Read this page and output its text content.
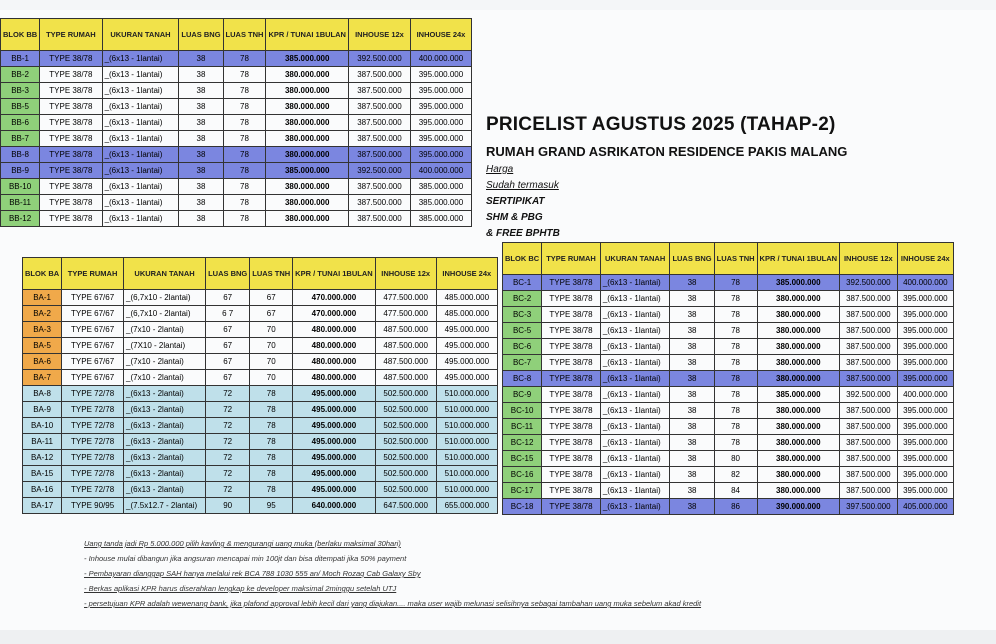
BLOK BB	TYPE RUMAH	UKURAN TANAH	LUAS BNG	LUAS TNH	KPR / TUNAI 1BULAN	INHOUSE 12x	INHOUSE 24x
BB-1	TYPE 38/78	_(6x13 - 1lantai)	38	78	385.000.000	392.500.000	400.000.000
BB-2	TYPE 38/78	_(6x13 - 1lantai)	38	78	380.000.000	387.500.000	395.000.000
BB-3	TYPE 38/78	_(6x13 - 1lantai)	38	78	380.000.000	387.500.000	395.000.000
BB-5	TYPE 38/78	_(6x13 - 1lantai)	38	78	380.000.000	387.500.000	395.000.000
BB-6	TYPE 38/78	_(6x13 - 1lantai)	38	78	380.000.000	387.500.000	395.000.000
BB-7	TYPE 38/78	_(6x13 - 1lantai)	38	78	380.000.000	387.500.000	395.000.000
BB-8	TYPE 38/78	_(6x13 - 1lantai)	38	78	380.000.000	387.500.000	395.000.000
BB-9	TYPE 38/78	_(6x13 - 1lantai)	38	78	385.000.000	392.500.000	400.000.000
BB-10	TYPE 38/78	_(6x13 - 1lantai)	38	78	380.000.000	387.500.000	385.000.000
BB-11	TYPE 38/78	_(6x13 - 1lantai)	38	78	380.000.000	387.500.000	385.000.000
BB-12	TYPE 38/78	_(6x13 - 1lantai)	38	78	380.000.000	387.500.000	385.000.000
PRICELIST AGUSTUS 2025 (TAHAP-2)
RUMAH GRAND ASRIKATON RESIDENCE PAKIS MALANG
Harga
Sudah termasuk
SERTIPIKAT
SHM & PBG
& FREE BPHTB
BLOK BA	TYPE RUMAH	UKURAN TANAH	LUAS BNG	LUAS TNH	KPR / TUNAI 1BULAN	INHOUSE 12x	INHOUSE 24x
BA-1	TYPE 67/67	_(6,7x10 - 2lantai)	67	67	470.000.000	477.500.000	485.000.000
BA-2	TYPE 67/67	_(6,7x10 - 2lantai)	6 7	67	470.000.000	477.500.000	485.000.000
BA-3	TYPE 67/67	_(7x10 - 2lantai)	67	70	480.000.000	487.500.000	495.000.000
BA-5	TYPE 67/67	_(7X10 - 2lantai)	67	70	480.000.000	487.500.000	495.000.000
BA-6	TYPE 67/67	_(7x10 - 2lantai)	67	70	480.000.000	487.500.000	495.000.000
BA-7	TYPE 67/67	_(7x10 - 2lantai)	67	70	480.000.000	487.500.000	495.000.000
BA-8	TYPE 72/78	_(6x13 - 2lantai)	72	78	495.000.000	502.500.000	510.000.000
BA-9	TYPE 72/78	_(6x13 - 2lantai)	72	78	495.000.000	502.500.000	510.000.000
BA-10	TYPE 72/78	_(6x13 - 2lantai)	72	78	495.000.000	502.500.000	510.000.000
BA-11	TYPE 72/78	_(6x13 - 2lantai)	72	78	495.000.000	502.500.000	510.000.000
BA-12	TYPE 72/78	_(6x13 - 2lantai)	72	78	495.000.000	502.500.000	510.000.000
BA-15	TYPE 72/78	_(6x13 - 2lantai)	72	78	495.000.000	502.500.000	510.000.000
BA-16	TYPE 72/78	_(6x13 - 2lantai)	72	78	495.000.000	502.500.000	510.000.000
BA-17	TYPE 90/95	_(7.5x12.7 - 2lantai)	90	95	640.000.000	647.500.000	655.000.000
BLOK BC	TYPE RUMAH	UKURAN TANAH	LUAS BNG	LUAS TNH	KPR / TUNAI 1BULAN	INHOUSE 12x	INHOUSE 24x
BC-1	TYPE 38/78	_(6x13 - 1lantai)	38	78	385.000.000	392.500.000	400.000.000
BC-2	TYPE 38/78	_(6x13 - 1lantai)	38	78	380.000.000	387.500.000	395.000.000
BC-3	TYPE 38/78	_(6x13 - 1lantai)	38	78	380.000.000	387.500.000	395.000.000
BC-5	TYPE 38/78	_(6x13 - 1lantai)	38	78	380.000.000	387.500.000	395.000.000
BC-6	TYPE 38/78	_(6x13 - 1lantai)	38	78	380.000.000	387.500.000	395.000.000
BC-7	TYPE 38/78	_(6x13 - 1lantai)	38	78	380.000.000	387.500.000	395.000.000
BC-8	TYPE 38/78	_(6x13 - 1lantai)	38	78	380.000.000	387.500.000	395.000.000
BC-9	TYPE 38/78	_(6x13 - 1lantai)	38	78	385.000.000	392.500.000	400.000.000
BC-10	TYPE 38/78	_(6x13 - 1lantai)	38	78	380.000.000	387.500.000	395.000.000
BC-11	TYPE 38/78	_(6x13 - 1lantai)	38	78	380.000.000	387.500.000	395.000.000
BC-12	TYPE 38/78	_(6x13 - 1lantai)	38	78	380.000.000	387.500.000	395.000.000
BC-15	TYPE 38/78	_(6x13 - 1lantai)	38	80	380.000.000	387.500.000	395.000.000
BC-16	TYPE 38/78	_(6x13 - 1lantai)	38	82	380.000.000	387.500.000	395.000.000
BC-17	TYPE 38/78	_(6x13 - 1lantai)	38	84	380.000.000	387.500.000	395.000.000
BC-18	TYPE 38/78	_(6x13 - 1lantai)	38	86	390.000.000	397.500.000	405.000.000
Uang tanda jadi Rp 5.000.000 pilih kavling & mengurangi uang muka (berlaku maksimal 30hari)
- Inhouse mulai dibangun jika angsuran mencapai min 100jt dan bisa ditempati jika 50% payment
- Pembayaran dianggap SAH hanya melalui rek BCA 788 1030 555 an/ Moch Rozaq Cab Galaxy Sby
- Berkas aplikasi KPR harus diserahkan lengkap ke developer maksimal 2minggu setelah UTJ
- persetujuan KPR adalah wewenang bank, jika plafond approval lebih kecil dari yang diajukan.... maka user wajib melunasi selisihnya sebagai tambahan uang muka sebelum akad kredit
